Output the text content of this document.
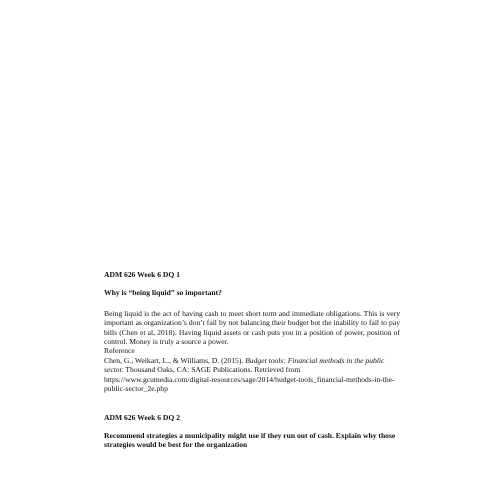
ADM 626 Week 6 DQ 1

Why is “being liquid” so important?

Being liquid is the act of having cash to meet short term and immediate obligations. This is very important as organization’s don’t fail by not balancing their budget but the inability to fail to pay bills (Chen et al, 2018). Having liquid assets or cash puts you in a position of power, position of control. Money is truly a source a power.

Reference

Chen, G., Weikart, L., & Williams, D. (2015). Budget tools: Financial methods in the public sector. Thousand Oaks, CA: SAGE Publications. Retrieved from https://www.gcumedia.com/digital-resources/sage/2014/budget-tools_financial-methods-in-the-public-sector_2e.php

ADM 626 Week 6 DQ 2

Recommend strategies a municipality might use if they run out of cash. Explain why those strategies would be best for the organization
